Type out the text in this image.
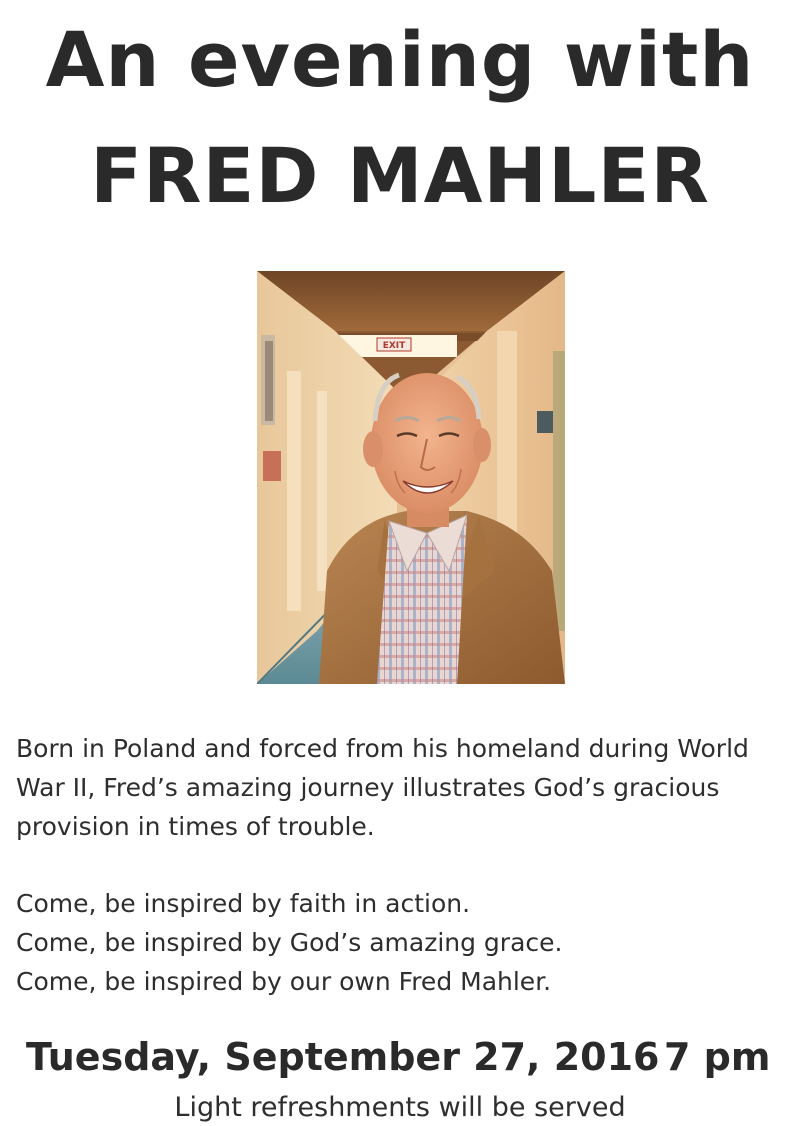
An evening with
FRED MAHLER
EXIT
Born in Poland and forced from his homeland during World
War II, Fred’s amazing journey illustrates God’s gracious
provision in times of trouble.
Come, be inspired by faith in action.
Come, be inspired by God’s amazing grace.
Come, be inspired by our own Fred Mahler.
Tuesday, September 27, 2016 7 pm
Light refreshments will be served
